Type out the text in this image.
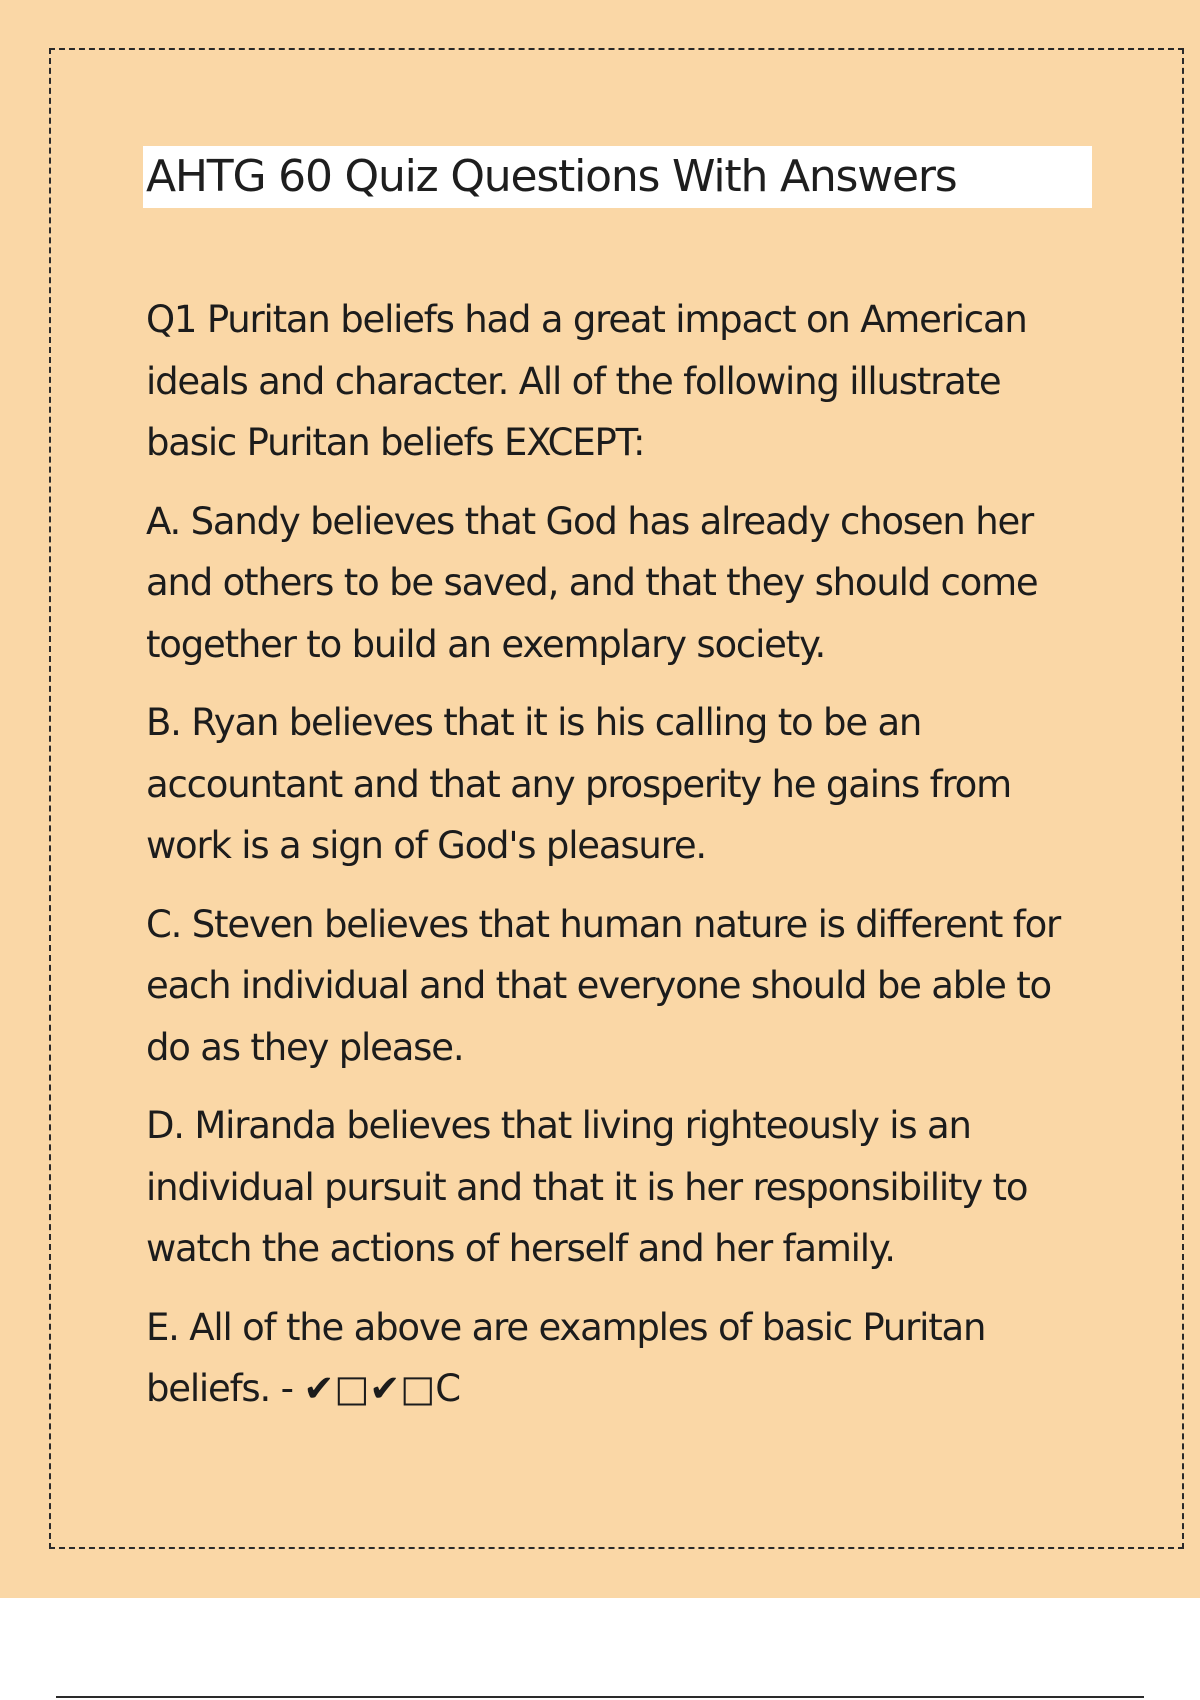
AHTG 60 Quiz Questions With Answers

Q1 Puritan beliefs had a great impact on American ideals and character. All of the following illustrate basic Puritan beliefs EXCEPT:

A. Sandy believes that God has already chosen her and others to be saved, and that they should come together to build an exemplary society.

B. Ryan believes that it is his calling to be an accountant and that any prosperity he gains from work is a sign of God's pleasure.

C. Steven believes that human nature is different for each individual and that everyone should be able to do as they please.

D. Miranda believes that living righteously is an individual pursuit and that it is her responsibility to watch the actions of herself and her family.

E. All of the above are examples of basic Puritan beliefs. - ✔□✔□C
